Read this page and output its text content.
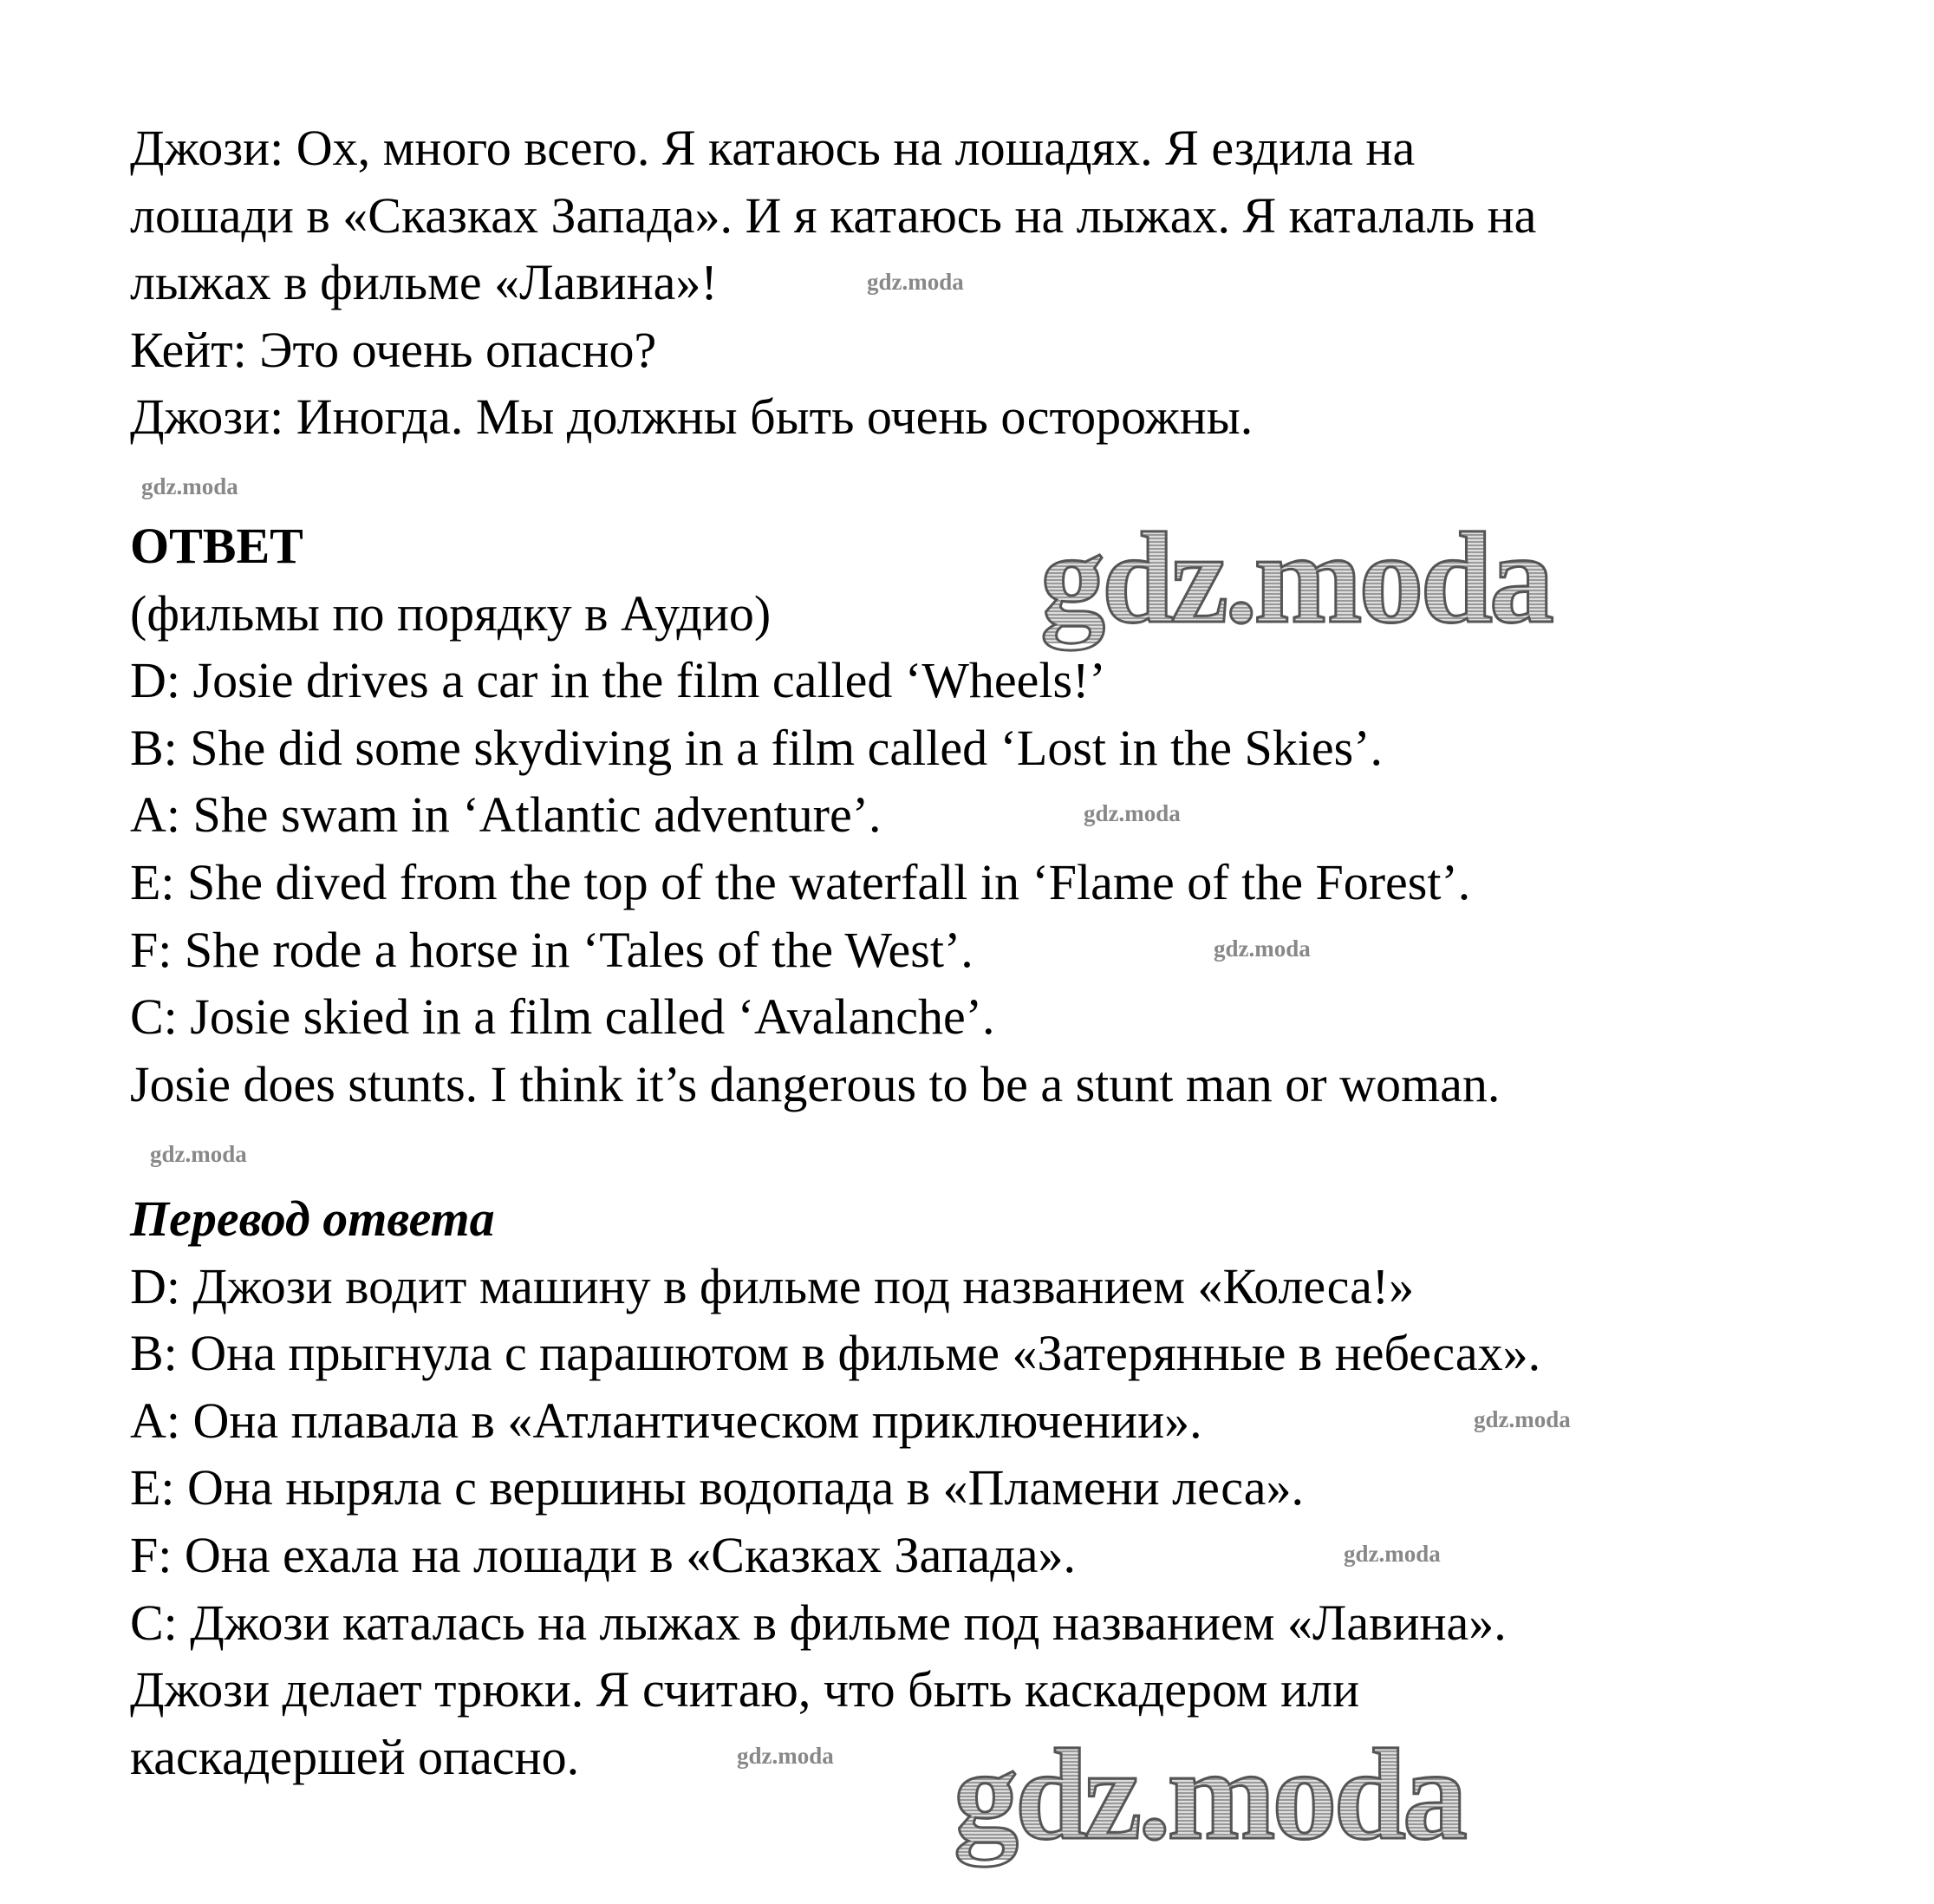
Джози: Ох, много всего. Я катаюсь на лошадях. Я ездила на
лошади в «Сказках Запада». И я катаюсь на лыжах. Я каталаль на
лыжах в фильме «Лавина»!
Кейт: Это очень опасно?
Джози: Иногда. Мы должны быть очень осторожны.
ОТВЕТ
(фильмы по порядку в Аудио)
D: Josie drives a car in the film called ‘Wheels!’
B: She did some skydiving in a film called ‘Lost in the Skies’.
A: She swam in ‘Atlantic adventure’.
E: She dived from the top of the waterfall in ‘Flame of the Forest’.
F: She rode a horse in ‘Tales of the West’.
C: Josie skied in a film called ‘Avalanche’.
Josie does stunts. I think it’s dangerous to be a stunt man or woman.
Перевод ответа
D: Джози водит машину в фильме под названием «Колеса!»
B: Она прыгнула с парашютом в фильме «Затерянные в небесах».
A: Она плавала в «Атлантическом приключении».
E: Она ныряла с вершины водопада в «Пламени леса».
F: Она ехала на лошади в «Сказках Запада».
C: Джози каталась на лыжах в фильме под названием «Лавина».
Джози делает трюки. Я считаю, что быть каскадером или
каскадершей опасно.
gdz.moda
gdz.moda
gdz.moda
gdz.moda
gdz.moda
gdz.moda
gdz.moda
gdz.moda
gdz.moda
gdz.moda
